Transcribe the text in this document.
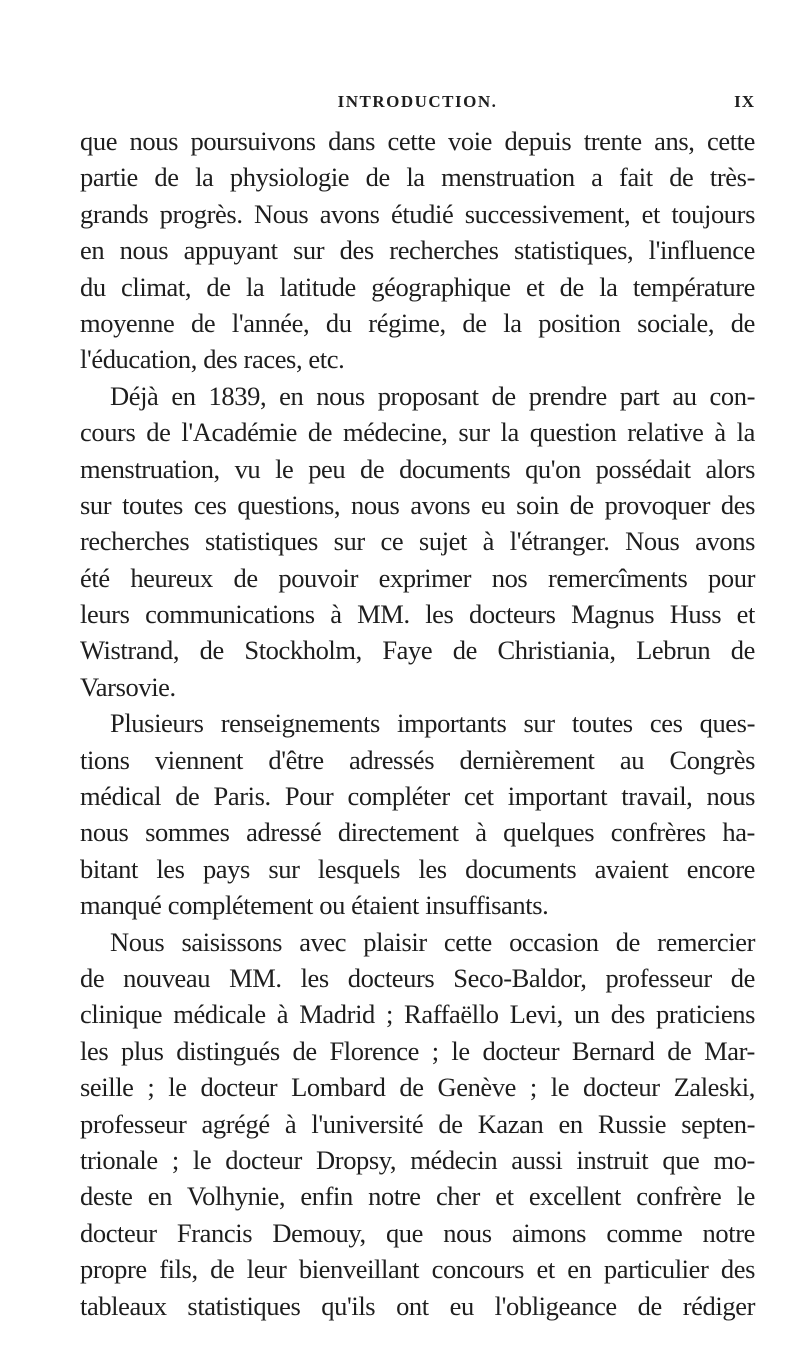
INTRODUCTION.	IX
que nous poursuivons dans cette voie depuis trente ans, cette
partie de la physiologie de la menstruation a fait de très-
grands progrès. Nous avons étudié successivement, et toujours
en nous appuyant sur des recherches statistiques, l'influence
du climat, de la latitude géographique et de la température
moyenne de l'année, du régime, de la position sociale, de
l'éducation, des races, etc.
Déjà en 1839, en nous proposant de prendre part au con-
cours de l'Académie de médecine, sur la question relative à la
menstruation, vu le peu de documents qu'on possédait alors
sur toutes ces questions, nous avons eu soin de provoquer des
recherches statistiques sur ce sujet à l'étranger. Nous avons
été heureux de pouvoir exprimer nos remercîments pour
leurs communications à MM. les docteurs Magnus Huss et
Wistrand, de Stockholm, Faye de Christiania, Lebrun de
Varsovie.
Plusieurs renseignements importants sur toutes ces ques-
tions viennent d'être adressés dernièrement au Congrès
médical de Paris. Pour compléter cet important travail, nous
nous sommes adressé directement à quelques confrères ha-
bitant les pays sur lesquels les documents avaient encore
manqué complétement ou étaient insuffisants.
Nous saisissons avec plaisir cette occasion de remercier
de nouveau MM. les docteurs Seco-Baldor, professeur de
clinique médicale à Madrid ; Raffaëllo Levi, un des praticiens
les plus distingués de Florence ; le docteur Bernard de Mar-
seille ; le docteur Lombard de Genève ; le docteur Zaleski,
professeur agrégé à l'université de Kazan en Russie septen-
trionale ; le docteur Dropsy, médecin aussi instruit que mo-
deste en Volhynie, enfin notre cher et excellent confrère le
docteur Francis Demouy, que nous aimons comme notre
propre fils, de leur bienveillant concours et en particulier des
tableaux statistiques qu'ils ont eu l'obligeance de rédiger
